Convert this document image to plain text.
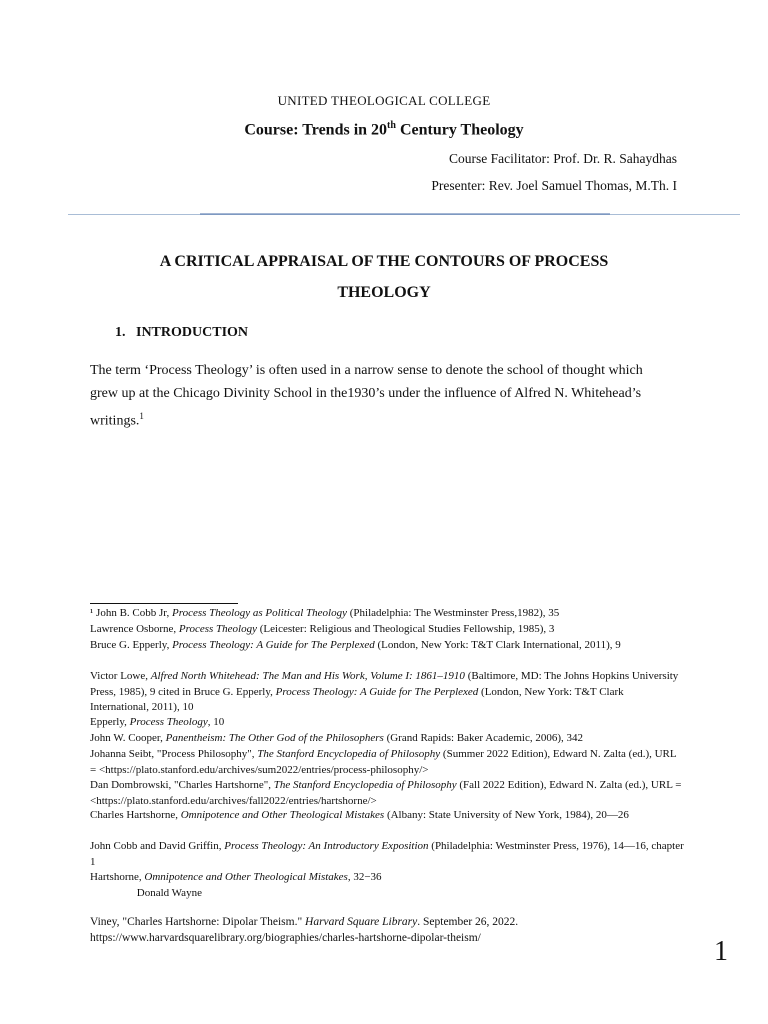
UNITED THEOLOGICAL COLLEGE
Course: Trends in 20th Century Theology
Course Facilitator: Prof. Dr. R. Sahaydhas
Presenter: Rev. Joel Samuel Thomas, M.Th. I
A CRITICAL APPRAISAL OF THE CONTOURS OF PROCESS
THEOLOGY
1.   INTRODUCTION
The term ‘Process Theology’ is often used in a narrow sense to denote the school of thought which grew up at the Chicago Divinity School in the1930’s under the influence of Alfred N. Whitehead’s writings.$^1$
¹ John B. Cobb Jr, Process Theology as Political Theology (Philadelphia: The Westminster Press,1982), 35
Lawrence Osborne, Process Theology (Leicester: Religious and Theological Studies Fellowship, 1985), 3
Bruce G. Epperly, Process Theology: A Guide for The Perplexed (London, New York: T&T Clark International, 2011), 9
Victor Lowe, Alfred North Whitehead: The Man and His Work, Volume I: 1861–1910 (Baltimore, MD: The Johns Hopkins University Press, 1985), 9 cited in Bruce G. Epperly, Process Theology: A Guide for The Perplexed (London, New York: T&T Clark International, 2011), 10
Epperly, Process Theology, 10
John W. Cooper, Panentheism: The Other God of the Philosophers (Grand Rapids: Baker Academic, 2006), 342
Johanna Seibt, "Process Philosophy", The Stanford Encyclopedia of Philosophy (Summer 2022 Edition), Edward N. Zalta (ed.), URL = <https://plato.stanford.edu/archives/sum2022/entries/process-philosophy/>
Dan Dombrowski, "Charles Hartshorne", The Stanford Encyclopedia of Philosophy (Fall 2022 Edition), Edward N. Zalta (ed.), URL = <https://plato.stanford.edu/archives/fall2022/entries/hartshorne/>
Charles Hartshorne, Omnipotence and Other Theological Mistakes (Albany: State University of New York, 1984), 20—26
John Cobb and David Griffin, Process Theology: An Introductory Exposition (Philadelphia: Westminster Press, 1976), 14—16, chapter 1
Hartshorne, Omnipotence and Other Theological Mistakes, 32−36
Donald Wayne
Viney, "Charles Hartshorne: Dipolar Theism." Harvard Square Library. September 26, 2022. https://www.harvardsquarelibrary.org/biographies/charles-hartshorne-dipolar-theism/	1
